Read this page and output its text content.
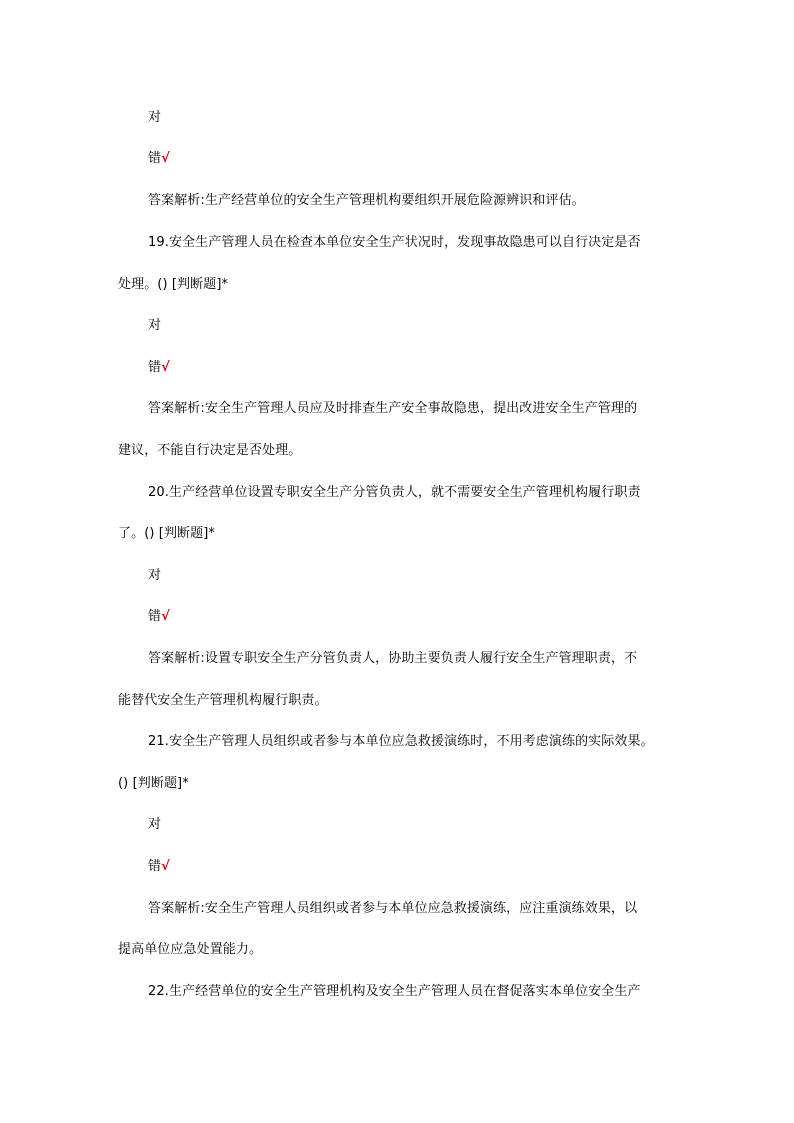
对
错√
答案解析:生产经营单位的安全生产管理机构要组织开展危险源辨识和评估。
19.安全生产管理人员在检查本单位安全生产状况时，发现事故隐患可以自行决定是否
处理。() [判断题]*
对
错√
答案解析:安全生产管理人员应及时排查生产安全事故隐患，提出改进安全生产管理的
建议，不能自行决定是否处理。
20.生产经营单位设置专职安全生产分管负责人，就不需要安全生产管理机构履行职责
了。() [判断题]*
对
错√
答案解析:设置专职安全生产分管负责人，协助主要负责人履行安全生产管理职责，不
能替代安全生产管理机构履行职责。
21.安全生产管理人员组织或者参与本单位应急救援演练时，不用考虑演练的实际效果。
() [判断题]*
对
错√
答案解析:安全生产管理人员组织或者参与本单位应急救援演练，应注重演练效果，以
提高单位应急处置能力。
22.生产经营单位的安全生产管理机构及安全生产管理人员在督促落实本单位安全生产
